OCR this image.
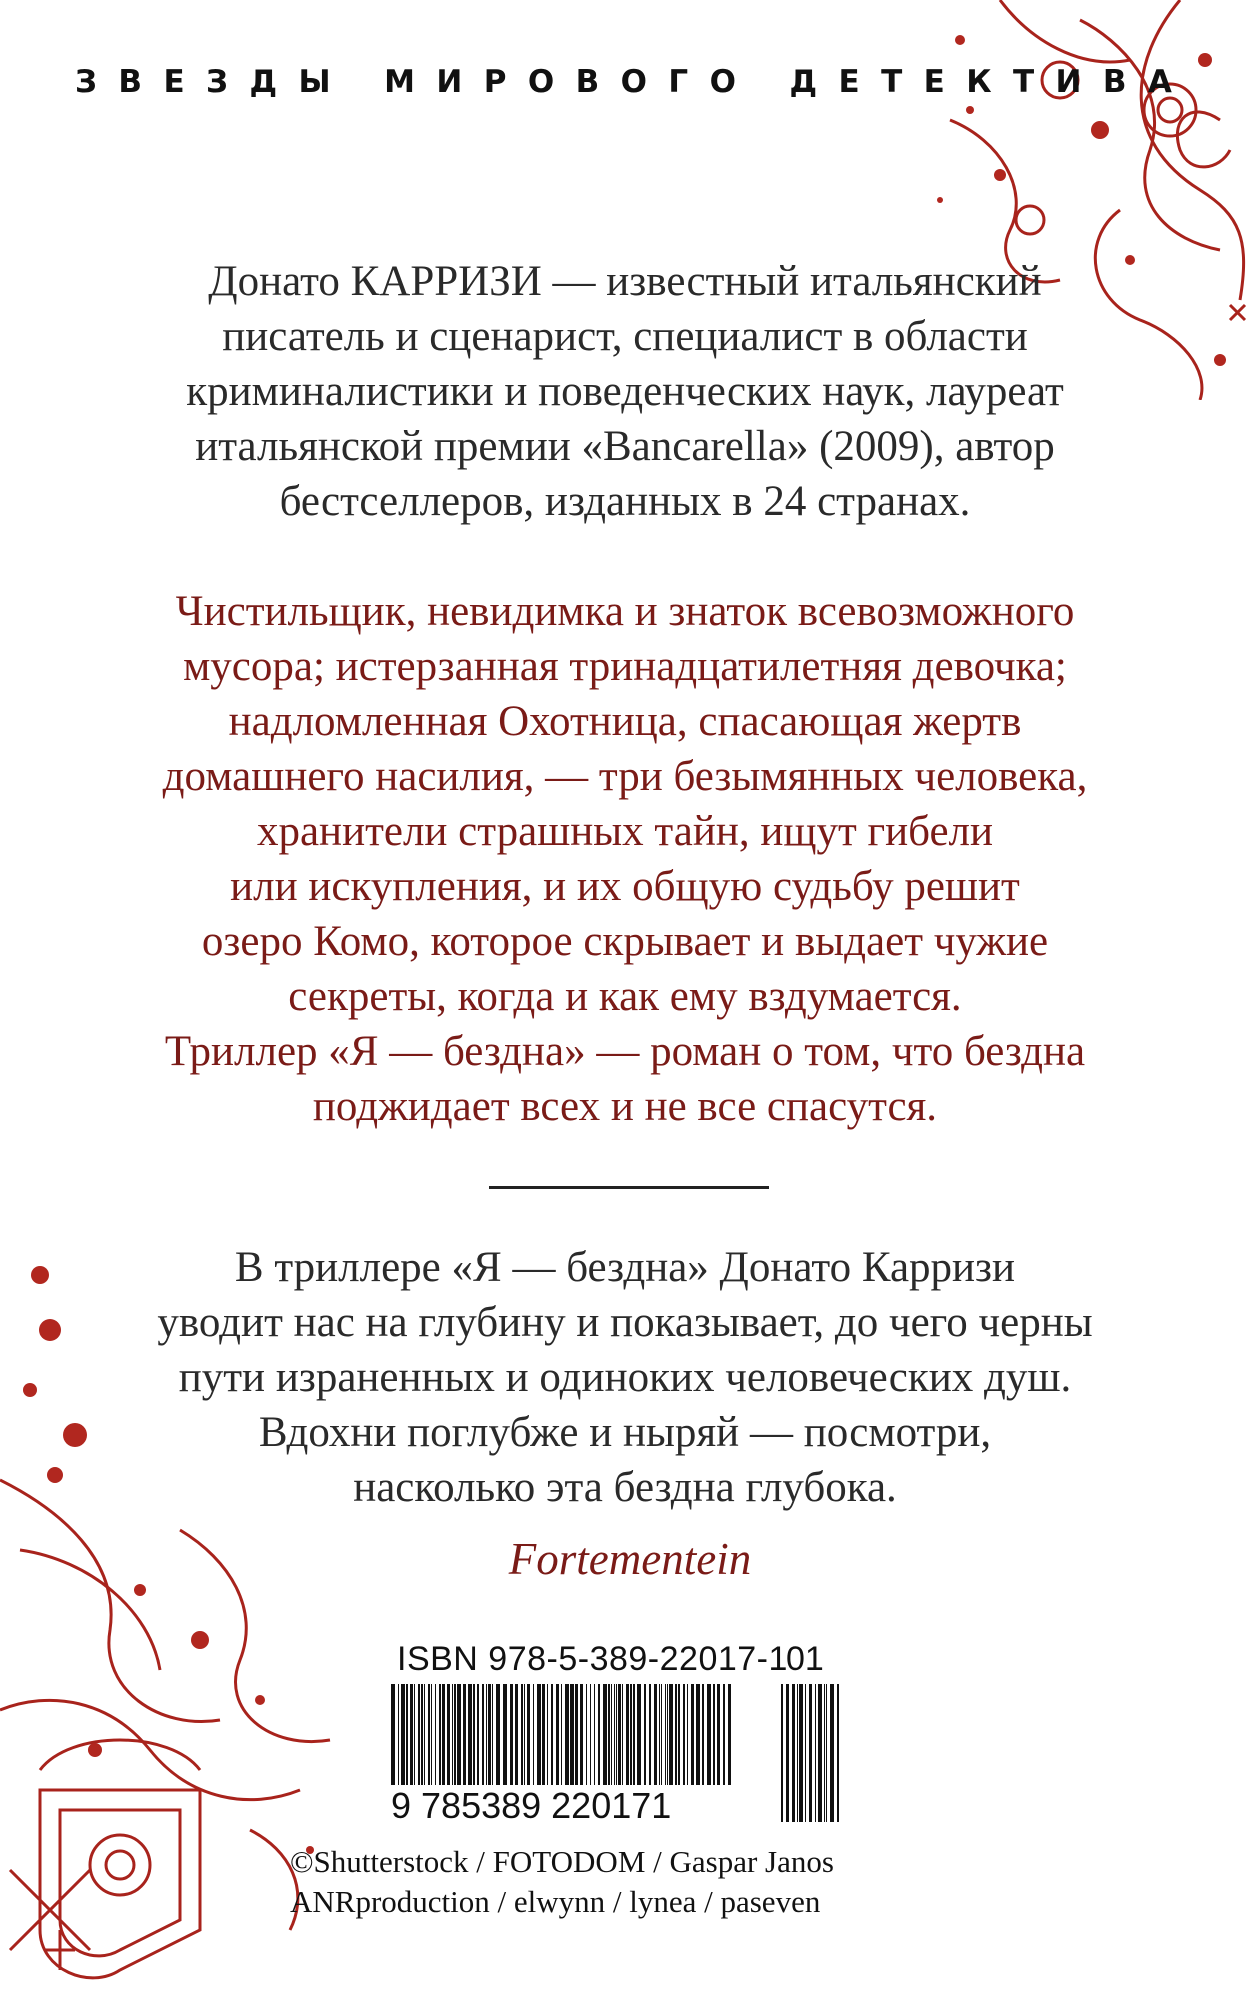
ЗВЕЗДЫ МИРОВОГО ДЕТЕКТИВА
Донато КАРРИЗИ — известный итальянский
писатель и сценарист, специалист в области
криминалистики и поведенческих наук, лауреат
итальянской премии «Bancarella» (2009), автор
бестселлеров, изданных в 24 странах.
Чистильщик, невидимка и знаток всевозможного
мусора; истерзанная тринадцатилетняя девочка;
надломленная Охотница, спасающая жертв
домашнего насилия, — три безымянных человека,
хранители страшных тайн, ищут гибели
или искупления, и их общую судьбу решит
озеро Комо, которое скрывает и выдает чужие
секреты, когда и как ему вздумается.
Триллер «Я — бездна» — роман о том, что бездна
поджидает всех и не все спасутся.
В триллере «Я — бездна» Донато Карризи
уводит нас на глубину и показывает, до чего черны
пути израненных и одиноких человеческих душ.
Вдохни поглубже и ныряй — посмотри,
насколько эта бездна глубока.
Fortementein
ISBN 978-5-389-22017-1
01
9 785389 220171
©Shutterstock / FOTODOM / Gaspar Janos
ANRproduction / elwynn / lynea / paseven
